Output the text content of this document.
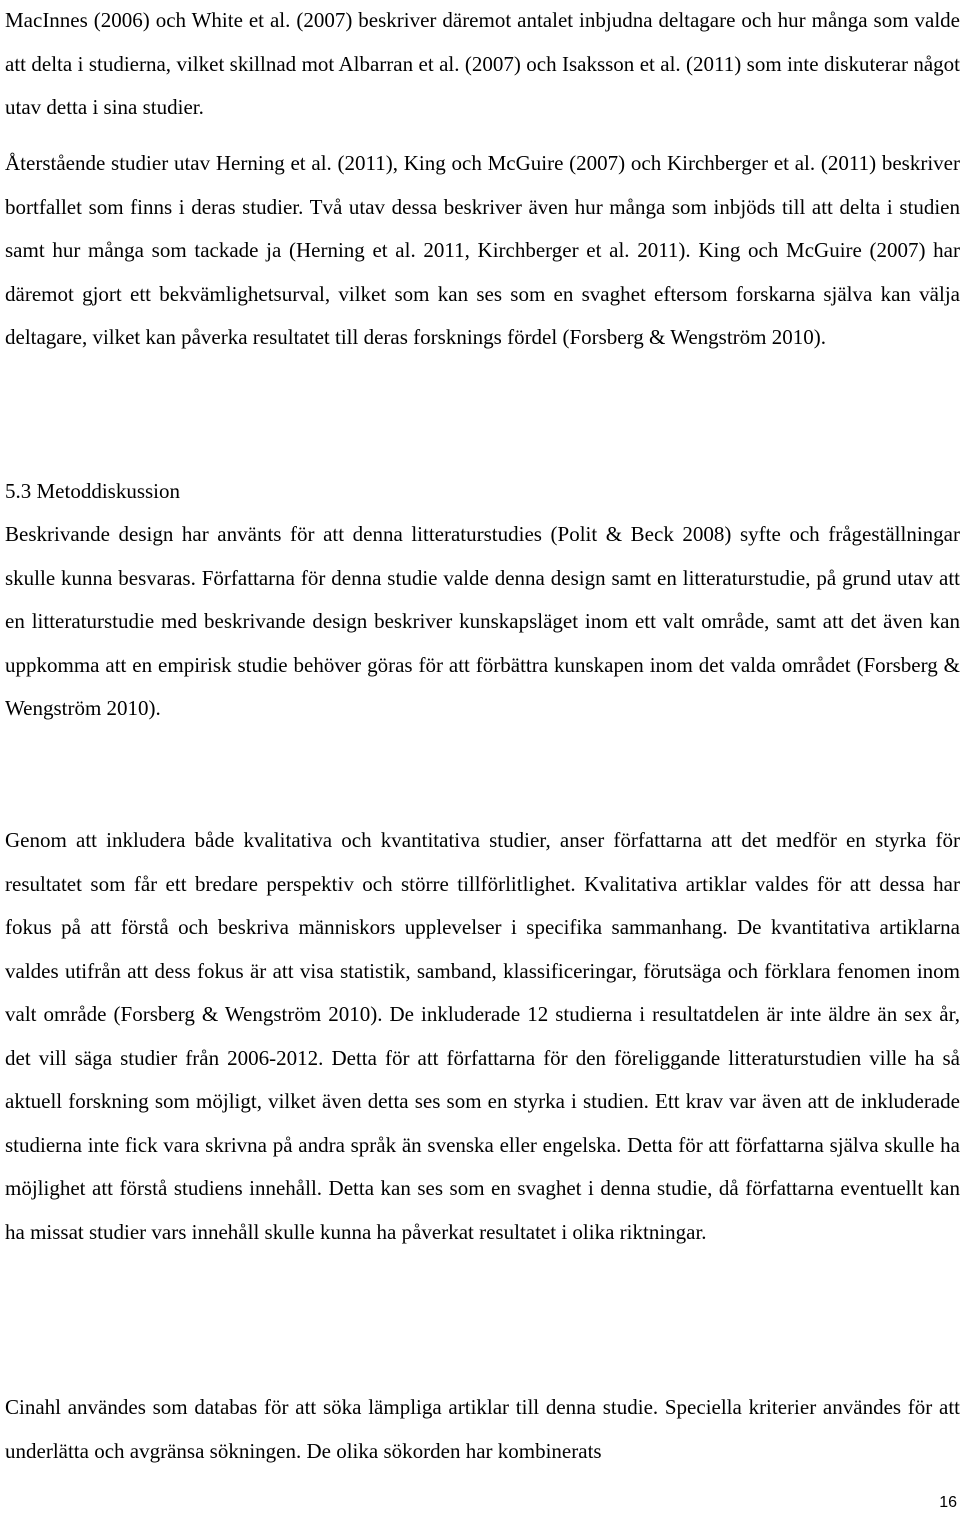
MacInnes (2006) och White et al. (2007) beskriver däremot antalet inbjudna deltagare och hur många som valde att delta i studierna, vilket skillnad mot Albarran et al. (2007) och Isaksson et al. (2011) som inte diskuterar något utav detta i sina studier.

Återstående studier utav Herning et al. (2011), King och McGuire (2007) och Kirchberger et al. (2011) beskriver bortfallet som finns i deras studier. Två utav dessa beskriver även hur många som inbjöds till att delta i studien samt hur många som tackade ja (Herning et al. 2011, Kirchberger et al. 2011). King och McGuire (2007) har däremot gjort ett bekvämlighetsurval, vilket som kan ses som en svaghet eftersom forskarna själva kan välja deltagare, vilket kan påverka resultatet till deras forsknings fördel (Forsberg & Wengström 2010).

5.3 Metoddiskussion

Beskrivande design har använts för att denna litteraturstudies (Polit & Beck 2008) syfte och frågeställningar skulle kunna besvaras. Författarna för denna studie valde denna design samt en litteraturstudie, på grund utav att en litteraturstudie med beskrivande design beskriver kunskapsläget inom ett valt område, samt att det även kan uppkomma att en empirisk studie behöver göras för att förbättra kunskapen inom det valda området (Forsberg & Wengström 2010).

Genom att inkludera både kvalitativa och kvantitativa studier, anser författarna att det medför en styrka för resultatet som får ett bredare perspektiv och större tillförlitlighet. Kvalitativa artiklar valdes för att dessa har fokus på att förstå och beskriva människors upplevelser i specifika sammanhang. De kvantitativa artiklarna valdes utifrån att dess fokus är att visa statistik, samband, klassificeringar, förutsäga och förklara fenomen inom valt område (Forsberg & Wengström 2010). De inkluderade 12 studierna i resultatdelen är inte äldre än sex år, det vill säga studier från 2006-2012. Detta för att författarna för den föreliggande litteraturstudien ville ha så aktuell forskning som möjligt, vilket även detta ses som en styrka i studien. Ett krav var även att de inkluderade studierna inte fick vara skrivna på andra språk än svenska eller engelska. Detta för att författarna själva skulle ha möjlighet att förstå studiens innehåll. Detta kan ses som en svaghet i denna studie, då författarna eventuellt kan ha missat studier vars innehåll skulle kunna ha påverkat resultatet i olika riktningar.

Cinahl användes som databas för att söka lämpliga artiklar till denna studie. Speciella kriterier användes för att underlätta och avgränsa sökningen. De olika sökorden har kombinerats

16
